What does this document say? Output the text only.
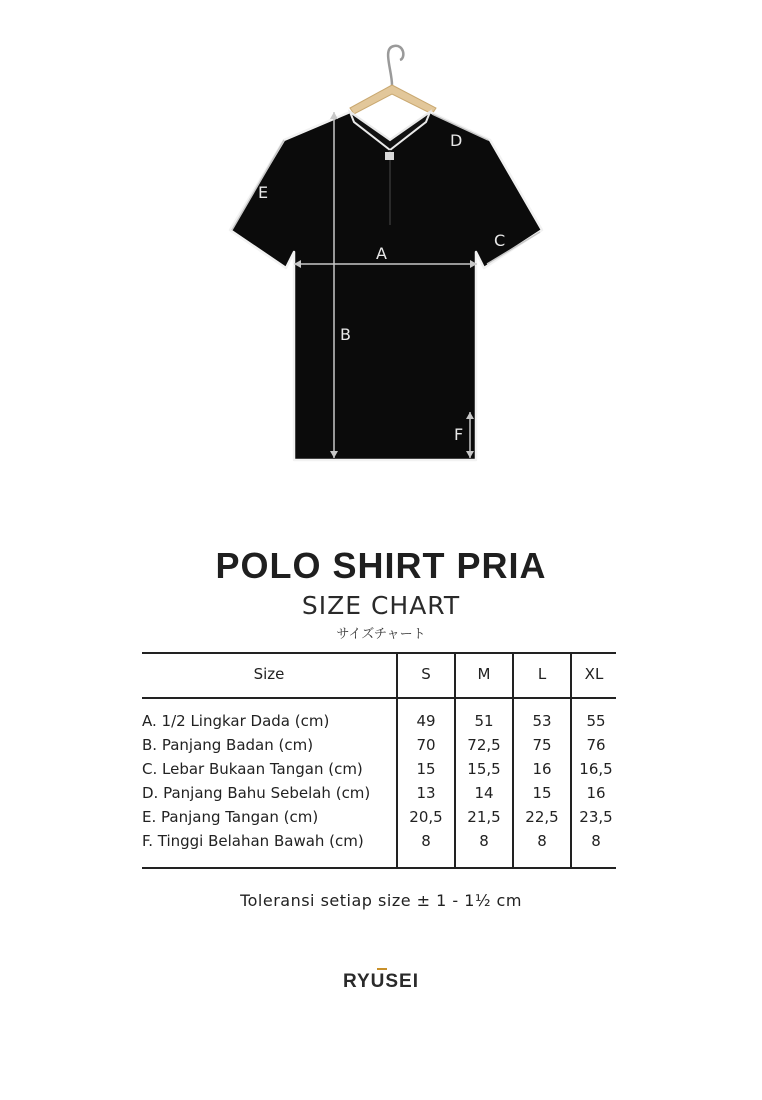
A
B
C
D
E
F
POLO SHIRT PRIA
SIZE CHART
サイズチャート
Size	S	M	L	XL
A. 1/2 Lingkar Dada (cm)	49	51	53	55
B. Panjang Badan (cm)	70	72,5	75	76
C. Lebar Bukaan Tangan (cm)	15	15,5	16	16,5
D. Panjang Bahu Sebelah (cm)	13	14	15	16
E. Panjang Tangan (cm)	20,5	21,5	22,5	23,5
F. Tinggi Belahan Bawah (cm)	8	8	8	8
Toleransi setiap size ± 1 - 1½ cm
RYUSEI
